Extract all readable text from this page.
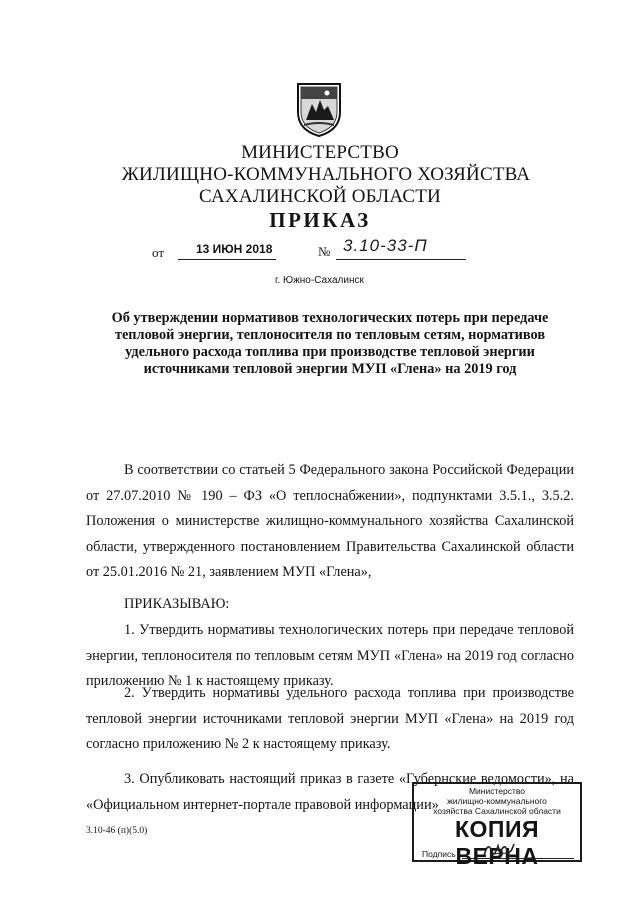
МИНИСТЕРСТВО
ЖИЛИЩНО-КОММУНАЛЬНОГО ХОЗЯЙСТВА
САХАЛИНСКОЙ ОБЛАСТИ
ПРИКАЗ
от	13 ИЮН 2018	№ 3.10-33-П
г. Южно-Сахалинск
Об утверждении нормативов технологических потерь при передаче тепловой энергии, теплоносителя по тепловым сетям, нормативов удельного расхода топлива при производстве тепловой энергии источниками тепловой энергии МУП «Глена» на 2019 год
В соответствии со статьей 5 Федерального закона Российской Федерации от 27.07.2010 № 190 – ФЗ «О теплоснабжении», подпунктами 3.5.1., 3.5.2. Положения о министерстве жилищно-коммунального хозяйства Сахалинской области, утвержденного постановлением Правительства Сахалинской области от 25.01.2016 № 21, заявлением МУП «Глена»,
ПРИКАЗЫВАЮ:
1. Утвердить нормативы технологических потерь при передаче тепловой энергии, теплоносителя по тепловым сетям МУП «Глена» на 2019 год согласно приложению № 1 к настоящему приказу.
2. Утвердить нормативы удельного расхода топлива при производстве тепловой энергии источниками тепловой энергии МУП «Глена» на 2019 год согласно приложению № 2 к настоящему приказу.
3. Опубликовать настоящий приказ в газете «Губернские ведомости», на «Официальном интернет-портале правовой информации»
3.10-46 (п)(5.0)
Министерство
жилищно-коммунального
хозяйства Сахалинской области
КОПИЯ ВЕРНА
Подпись
